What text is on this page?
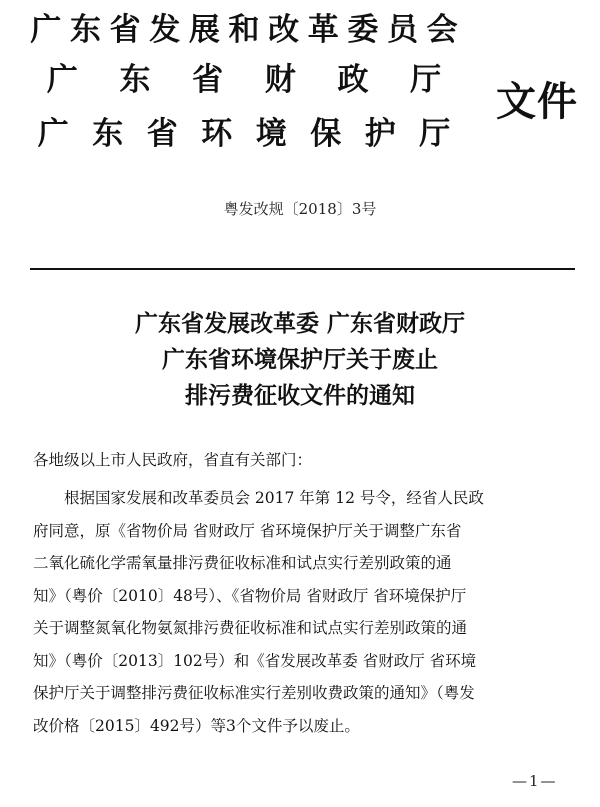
广 东 省 发 展 和 改 革 委 员 会
广 东 省 财 政 厅
广 东 省 环 境 保 护 厅
文件
粤发改规〔2018〕3号
广东省发展改革委 广东省财政厅
广东省环境保护厅关于废止
排污费征收文件的通知
各地级以上市人民政府，省直有关部门：
　　根据国家发展和改革委员会 2017 年第 12 号令，经省人民政
府同意，原《省物价局 省财政厅 省环境保护厅关于调整广东省
二氧化硫化学需氧量排污费征收标准和试点实行差别政策的通
知》（粤价〔2010〕48号）、《省物价局 省财政厅 省环境保护厅
关于调整氮氧化物氨氮排污费征收标准和试点实行差别政策的通
知》（粤价〔2013〕102号）和《省发展改革委 省财政厅 省环境
保护厅关于调整排污费征收标准实行差别收费政策的通知》（粤发
改价格〔2015〕492号）等3个文件予以废止。
—1—
